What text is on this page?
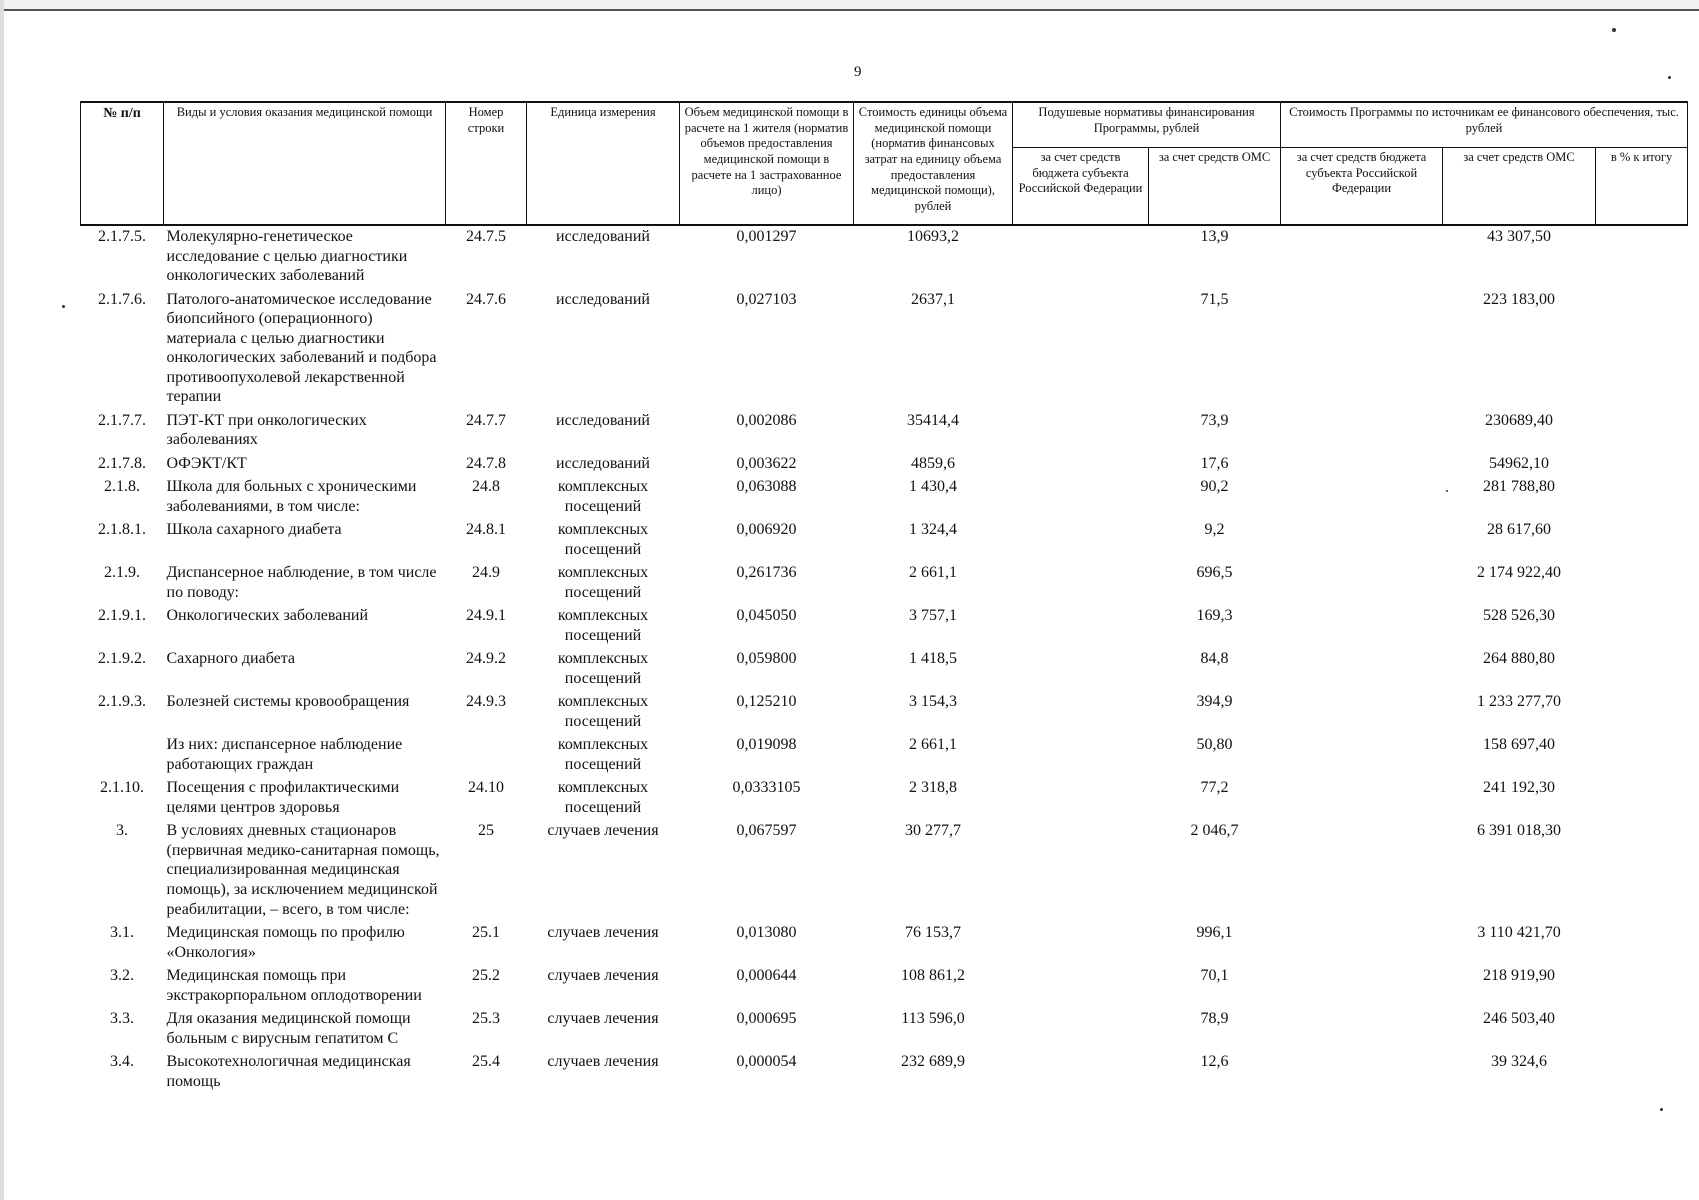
9
№ п/п	Виды и условия оказания медицинской помощи	Номер строки	Единица измерения	Объем медицинской помощи в расчете на 1 жителя (норматив объемов предоставления медицинской помощи в расчете на 1 застрахованное лицо)	Стоимость единицы объема медицинской помощи (норматив финансовых затрат на единицу объема предоставления медицинской помощи), рублей	Подушевые нормативы финансирования Программы, рублей		Стоимость Программы по источникам ее финансового обеспечения, тыс. рублей		
						за счет средств бюджета субъекта Российской Федерации	за счет средств ОМС	за счет средств бюджета субъекта Российской Федерации	за счет средств ОМС	в % к итогу
2.1.7.5.	Молекулярно-генетическое исследование с целью диагностики онкологических заболеваний	24.7.5	исследований	0,001297	10693,2		13,9		43 307,50	
2.1.7.6.	Патолого-анатомическое исследование биопсийного (операционного) материала с целью диагностики онкологических заболеваний и подбора противоопухолевой лекарственной терапии	24.7.6	исследований	0,027103	2637,1		71,5		223 183,00	
2.1.7.7.	ПЭТ-КТ при онкологических заболеваниях	24.7.7	исследований	0,002086	35414,4		73,9		230689,40	
2.1.7.8.	ОФЭКТ/КТ	24.7.8	исследований	0,003622	4859,6		17,6		54962,10	
2.1.8.	Школа для больных с хроническими заболеваниями, в том числе:	24.8	комплексных посещений	0,063088	1 430,4		90,2		281 788,80	
2.1.8.1.	Школа сахарного диабета	24.8.1	комплексных посещений	0,006920	1 324,4		9,2		28 617,60	
2.1.9.	Диспансерное наблюдение, в том числе по поводу:	24.9	комплексных посещений	0,261736	2 661,1		696,5		2 174 922,40	
2.1.9.1.	Онкологических заболеваний	24.9.1	комплексных посещений	0,045050	3 757,1		169,3		528 526,30	
2.1.9.2.	Сахарного диабета	24.9.2	комплексных посещений	0,059800	1 418,5		84,8		264 880,80	
2.1.9.3.	Болезней системы кровообращения	24.9.3	комплексных посещений	0,125210	3 154,3		394,9		1 233 277,70	
	Из них: диспансерное наблюдение работающих граждан		комплексных посещений	0,019098	2 661,1		50,80		158 697,40	
2.1.10.	Посещения с профилактическими целями центров здоровья	24.10	комплексных посещений	0,0333105	2 318,8		77,2		241 192,30	
3.	В условиях дневных стационаров (первичная медико-санитарная помощь, специализированная медицинская помощь), за исключением медицинской реабилитации, – всего, в том числе:	25	случаев лечения	0,067597	30 277,7		2 046,7		6 391 018,30	
3.1.	Медицинская помощь по профилю «Онкология»	25.1	случаев лечения	0,013080	76 153,7		996,1		3 110 421,70	
3.2.	Медицинская помощь при экстракорпоральном оплодотворении	25.2	случаев лечения	0,000644	108 861,2		70,1		218 919,90	
3.3.	Для оказания медицинской помощи больным с вирусным гепатитом С	25.3	случаев лечения	0,000695	113 596,0		78,9		246 503,40	
3.4.	Высокотехнологичная медицинская помощь	25.4	случаев лечения	0,000054	232 689,9		12,6		39 324,6	
